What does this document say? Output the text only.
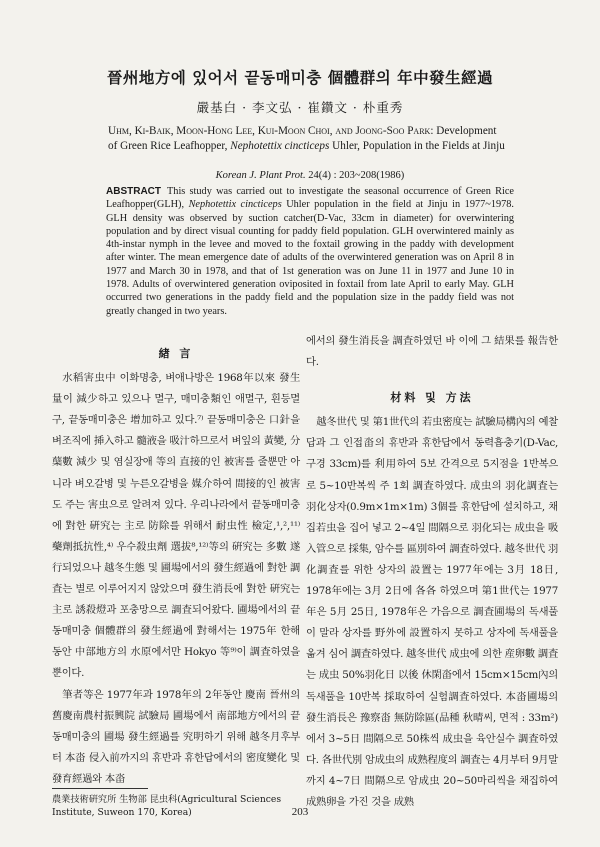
晉州地方에 있어서 끝동매미충 個體群의 年中發生經過
嚴基白 · 李文弘 · 崔鑽文 · 朴重秀
Uhm, Ki-Baik, Moon-Hong Lee, Kui-Moon Choi, and Joong-Soo Park: Development of Green Rice Leafhopper, Nephotettix cincticeps Uhler, Population in the Fields at Jinju
Korean J. Plant Prot. 24(4) : 203~208(1986)
ABSTRACT This study was carried out to investigate the seasonal occurrence of Green Rice Leafhopper(GLH), Nephotettix cincticeps Uhler population in the field at Jinju in 1977~1978. GLH density was observed by suction catcher(D-Vac, 33cm in diameter) for overwintering population and by direct visual counting for paddy field population. GLH overwintered mainly as 4th-instar nymph in the levee and moved to the foxtail growing in the paddy with development after winter. The mean emergence date of adults of the overwintered generation was on April 8 in 1977 and March 30 in 1978, and that of 1st generation was on June 11 in 1977 and June 10 in 1978. Adults of overwintered generation oviposited in foxtail from late April to early May. GLH occurred two generations in the paddy field and the population size in the paddy field was not greatly changed in two years.
緖 言

水稻害虫中 이화명충, 벼애나방은 1968年以來 發生量이 減少하고 있으나 멸구, 매미충類인 애멸구, 흰등멸구, 끝동매미충은 增加하고 있다.⁷⁾ 끝동매미충은 口針을 벼조직에 揷入하고 髓液을 吸汁하므로서 벼잎의 黃變, 分蘖數 減少 및 염실장애 等의 直接的인 被害를 줄뿐만 아니라 벼오갈병 및 누른오갈병을 媒介하여 間接的인 被害도 주는 害虫으로 알려져 있다. 우리나라에서 끝동매미충에 對한 硏究는 主로 防除를 위해서 耐虫性 檢定,¹,²,¹¹⁾ 藥劑抵抗性,⁴⁾ 우수殺虫劑 選拔⁸,¹²⁾等의 硏究는 多數 遂行되었으나 越冬生態 및 圃場에서의 發生經過에 對한 調査는 별로 이루어지지 않았으며 發生消長에 對한 硏究는 主로 誘殺燈과 포충망으로 調査되어왔다. 圃場에서의 끝동매미충 個體群의 發生經過에 對해서는 1975年 한해 동안 中部地方의 水原에서만 Hokyo 等⁹⁾이 調査하였을 뿐이다.

筆者等은 1977年과 1978年의 2年동안 慶南 晉州의 舊慶南農村振興院 試驗局 圃場에서 南部地方에서의 끝동매미충의 圃場 發生經過를 究明하기 위해 越冬月후부터 本畓 侵入前까지의 휴반과 휴한답에서의 密度變化 및 發育經過와 本畓

에서의 發生消長을 調査하였던 바 이에 그 結果를 報告한다.

材料 및 方法

越冬世代 및 第1世代의 若虫密度는 試驗局構內의 예찰답과 그 인접畓의 휴반과 휴한답에서 동력흡충기(D-Vac, 구경 33cm)를 利用하여 5보 간격으로 5지점을 1반복으로 5~10반복씩 주 1회 調査하였다. 成虫의 羽化調査는 羽化상자(0.9m×1m×1m) 3個를 휴한답에 설치하고, 채집若虫을 집어 넣고 2~4일 間隔으로 羽化되는 成虫을 吸入管으로 採集, 암수를 區別하여 調査하였다. 越冬世代 羽化調査를 위한 상자의 設置는 1977年에는 3月 18日, 1978年에는 3月 2日에 各各 하였으며 第1世代는 1977年은 5月 25日, 1978年은 가음으로 調査圃場의 독새풀이 말라 상자를 野外에 設置하지 못하고 상자에 독새풀을 옮겨 심어 調査하였다. 越冬世代 成虫에 의한 産卵數 調査는 成虫 50%羽化日 以後 休閑畓에서 15cm×15cm內의 독새풀을 10반복 採取하여 실험調査하였다. 本畓圃場의 發生消長은 豫察畓 無防除區(品種 秋晴씨, 면적 : 33m²)에서 3~5日 間隔으로 50株씩 成虫을 육안실수 調査하였다. 各世代別 암成虫의 成熟程度의 調査는 4月부터 9月말까지 4~7日 間隔으로 암成虫 20~50마리씩을 채집하여 成熟卵을 가진 것을 成熟

農業技術硏究所 生物部 昆虫科(Agricultural Sciences Institute, Suweon 170, Korea)	203
